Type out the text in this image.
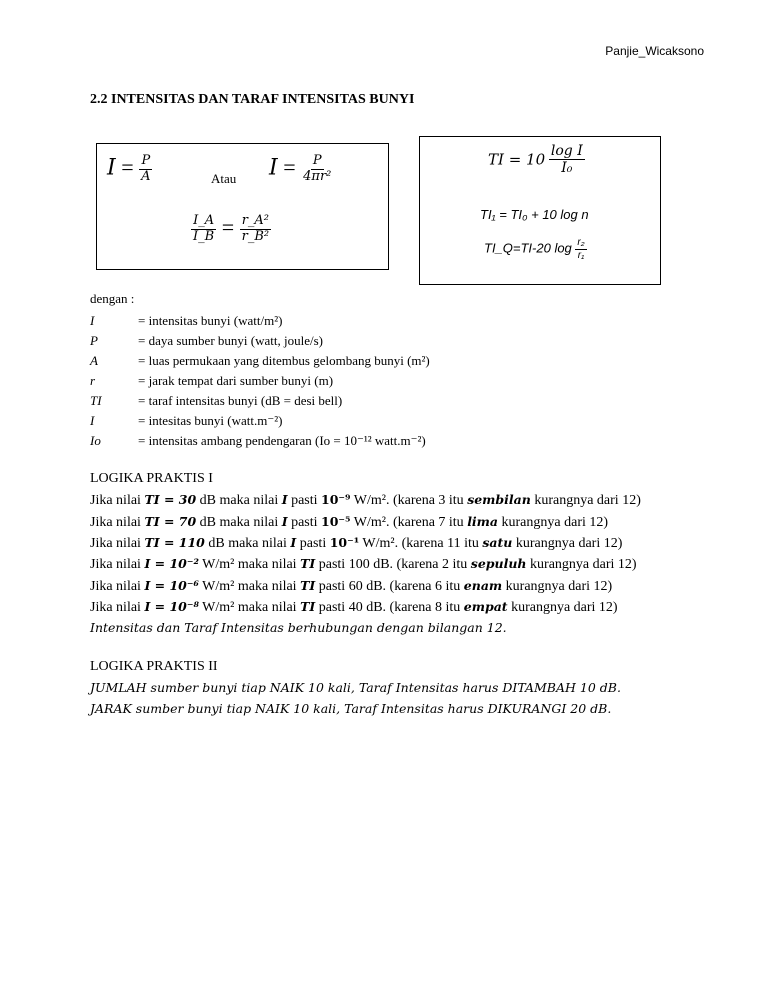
Panjie_Wicaksono
2.2 INTENSITAS DAN TARAF INTENSITAS BUNYI
$I = \frac{P}{A}$	Atau $I = \frac{P}{\text{4πr²}}$
$\frac{I\_A}{I\_B} = \frac{\text{r\_A²}}{\text{r\_B²}}$
TI = $10 \frac{\text{log I}}{\text{I₀}}$
TI₁ = TI₀ + 10 log n
TI_Q=TI-20 $\log \frac{\text{r₂}}{\text{r₁}}$
dengan :
I	= intensitas bunyi (watt/m²)
P	= daya sumber bunyi (watt, joule/s)
A	= luas permukaan yang ditembus gelombang bunyi (m²)
r	= jarak tempat dari sumber bunyi (m)
TI	= taraf intensitas bunyi (dB = desi bell)
I	= intesitas bunyi (watt.m⁻²)
Io	= intensitas ambang pendengaran (Io = 10⁻¹² watt.m⁻²)
LOGIKA PRAKTIS I
Jika nilai TI = 30 dB maka nilai I pasti 10⁻⁹ W/m². (karena 3 itu sembilan kurangnya dari 12)
Jika nilai TI = 70 dB maka nilai I pasti 10⁻⁵ W/m². (karena 7 itu lima kurangnya dari 12)
Jika nilai TI = 110 dB maka nilai I pasti 10⁻¹ W/m². (karena 11 itu satu kurangnya dari 12)
Jika nilai I = 10⁻² W/m² maka nilai TI pasti 100 dB. (karena 2 itu sepuluh kurangnya dari 12)
Jika nilai I = 10⁻⁶ W/m² maka nilai TI pasti 60 dB. (karena 6 itu enam kurangnya dari 12)
Jika nilai I = 10⁻⁸ W/m² maka nilai TI pasti 40 dB. (karena 8 itu empat kurangnya dari 12)
Intensitas dan Taraf Intensitas berhubungan dengan bilangan 12.
LOGIKA PRAKTIS II
JUMLAH sumber bunyi tiap NAIK 10 kali, Taraf Intensitas harus DITAMBAH 10 dB.
JARAK sumber bunyi tiap NAIK 10 kali, Taraf Intensitas harus DIKURANGI 20 dB.
